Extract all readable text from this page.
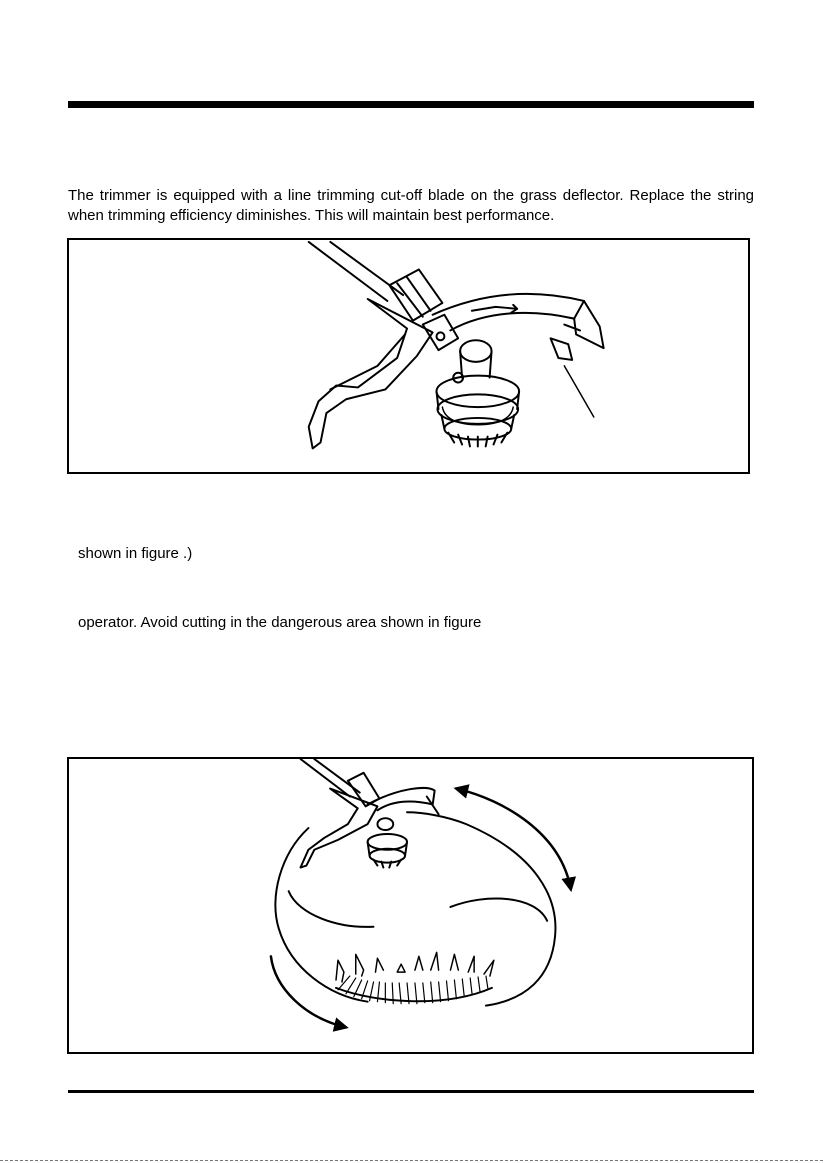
The trimmer is equipped with a line trimming cut-off blade on the grass deflector. Replace the string when trimming efficiency diminishes. This will maintain best performance.

shown in figure .)

operator. Avoid cutting in the dangerous area shown in figure
